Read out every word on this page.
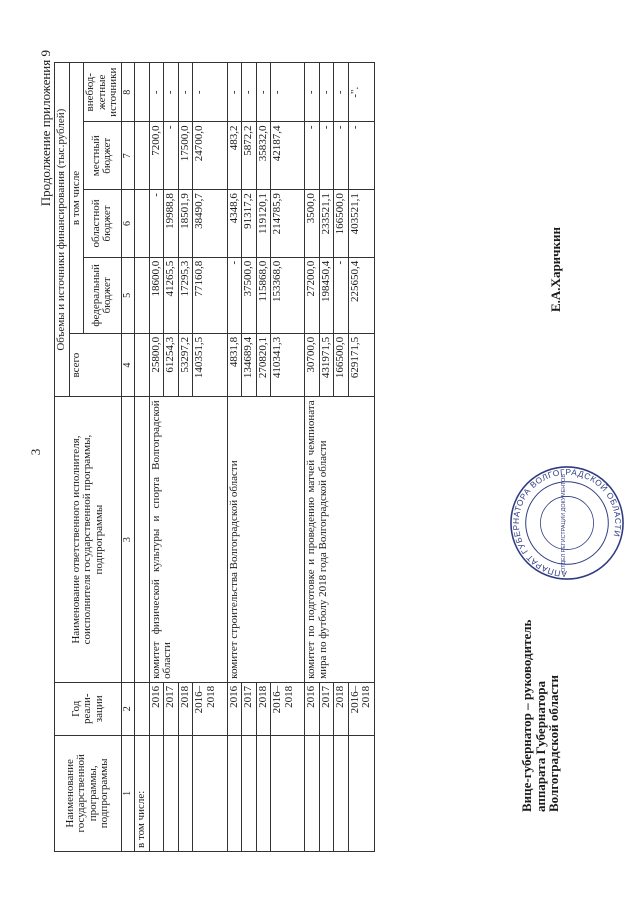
3
Продолжение приложения 9
Наименование государственной программы, подпрограммы	Год реали-зации	Наименование ответственного исполнителя, соисполнителя государственной программы, подпрограммы	Объемы и источники финансирования (тыс.рублей)				
			всего	в том числе			
				федеральный бюджет	областной бюджет	местный бюджет	внебюд-жетные источники
1	2	3	4	5	6	7	8
в том числе:							
	2016	комитет физической культуры и спорта Волгоградской области	25800,0	18600,0	-	7200,0	-
	2017		61254,3	41265,5	19988,8	-	-
	2018		53297,2	17295,3	18501,9	17500,0	-
	2016–2018		140351,5	77160,8	38490,7	24700,0	-
	2016	комитет строительства Волгоградской области	4831,8	-	4348,6	483,2	-
	2017		134689,4	37500,0	91317,2	5872,2	-
	2018		270820,1	115868,0	119120,1	35832,0	-
	2016–2018		410341,3	153368,0	214785,9	42187,4	-
	2016	комитет по подготовке и проведению матчей чемпионата мира по футболу 2018 года Волгоградской области	30700,0	27200,0	3500,0	-	-
	2017		431971,5	198450,4	233521,1	-	-
	2018		166500,0	-	166500,0	-	-
	2016–2018		629171,5	225650,4	403521,1	-	-".
АППАРАТ ГУБЕРНАТОРА ВОЛГОГРАДСКОЙ ОБЛАСТИ
ОТДЕЛ РЕГИСТРАЦИИ ДОКУМЕНТОВ
Вице-губернатор – руководитель
аппарата Губернатора
Волгоградской области
Е.А.Харичкин
